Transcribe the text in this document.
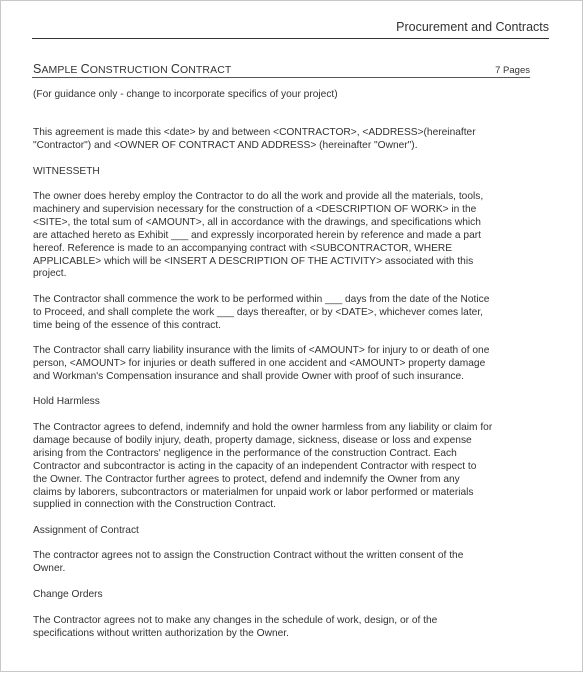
Procurement and Contracts
SAMPLE CONSTRUCTION CONTRACT	7 Pages
(For guidance only - change to incorporate specifics of your project)
This agreement is made this <date> by and between <CONTRACTOR>, <ADDRESS>(hereinafter
"Contractor") and <OWNER OF CONTRACT AND ADDRESS> (hereinafter "Owner").
WITNESSETH
The owner does hereby employ the Contractor to do all the work and provide all the materials, tools,
machinery and supervision necessary for the construction of a <DESCRIPTION OF WORK> in the
<SITE>, the total sum of <AMOUNT>, all in accordance with the drawings, and specifications which
are attached hereto as Exhibit ___ and expressly incorporated herein by reference and made a part
hereof. Reference is made to an accompanying contract with <SUBCONTRACTOR, WHERE
APPLICABLE> which will be <INSERT A DESCRIPTION OF THE ACTIVITY> associated with this
project.
The Contractor shall commence the work to be performed within ___ days from the date of the Notice
to Proceed, and shall complete the work ___ days thereafter, or by <DATE>, whichever comes later,
time being of the essence of this contract.
The Contractor shall carry liability insurance with the limits of <AMOUNT> for injury to or death of one
person, <AMOUNT> for injuries or death suffered in one accident and <AMOUNT> property damage
and Workman's Compensation insurance and shall provide Owner with proof of such insurance.
Hold Harmless
The Contractor agrees to defend, indemnify and hold the owner harmless from any liability or claim for
damage because of bodily injury, death, property damage, sickness, disease or loss and expense
arising from the Contractors' negligence in the performance of the construction Contract. Each
Contractor and subcontractor is acting in the capacity of an independent Contractor with respect to
the Owner. The Contractor further agrees to protect, defend and indemnify the Owner from any
claims by laborers, subcontractors or materialmen for unpaid work or labor performed or materials
supplied in connection with the Construction Contract.
Assignment of Contract
The contractor agrees not to assign the Construction Contract without the written consent of the
Owner.
Change Orders
The Contractor agrees not to make any changes in the schedule of work, design, or of the
specifications without written authorization by the Owner.
